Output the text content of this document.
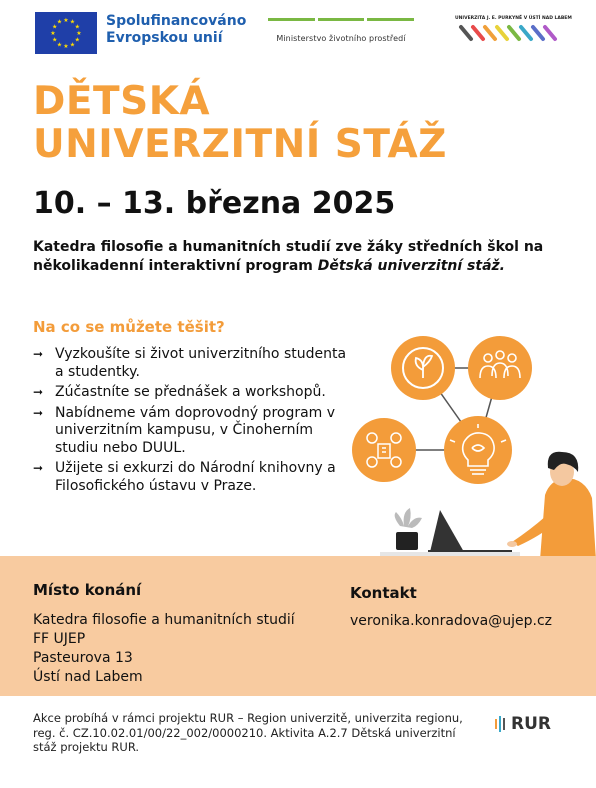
★
★
★
★
★
★
★
★
★ ★ ★
★ Spolufinancováno
Evropskou unií	Ministerstvo životního prostředí
UNIVERZITA J. E. PURKYNĚ V ÚSTÍ NAD LABEM
DĚTSKÁ
UNIVERZITNÍ STÁŽ
10. – 13. března 2025
Katedra filosofie a humanitních studií zve žáky středních škol na několikadenní interaktivní program Dětská univerzitní stáž.
Na co se můžete těšit?
➞ Vyzkoušíte si život univerzitního studenta a studentky.
➞ Zúčastníte se přednášek a workshopů.
➞ Nabídneme vám doprovodný program v univerzitním kampusu, v Činoherním studiu nebo DUUL.
➞ Užijete si exkurzi do Národní knihovny a Filosofického ústavu v Praze.
Místo konání
Katedra filosofie a humanitních studií
FF UJEP
Pasteurova 13
Ústí nad Labem
Kontakt
veronika.konradova@ujep.cz
Akce probíhá v rámci projektu RUR – Region univerzitě, univerzita regionu, reg. č. CZ.10.02.01/00/22_002/0000210. Aktivita A.2.7 Dětská univerzitní stáž projektu RUR.
RUR
